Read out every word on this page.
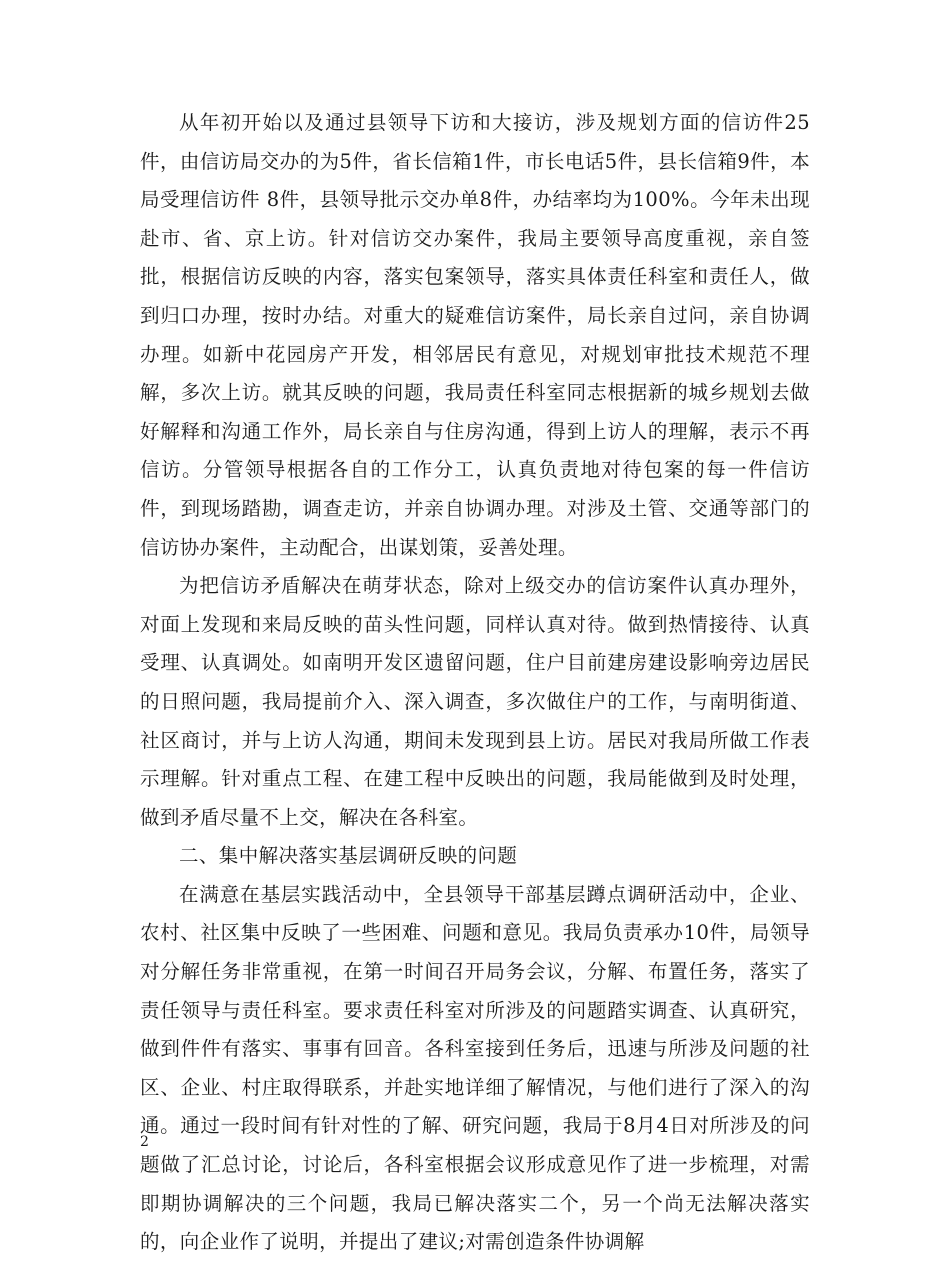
从年初开始以及通过县领导下访和大接访，涉及规划方面的信访件25件，由信访局交办的为5件，省长信箱1件，市长电话5件，县长信箱9件，本局受理信访件 8件，县领导批示交办单8件，办结率均为100%。今年未出现赴市、省、京上访。针对信访交办案件，我局主要领导高度重视，亲自签批，根据信访反映的内容，落实包案领导，落实具体责任科室和责任人，做到归口办理，按时办结。对重大的疑难信访案件，局长亲自过问，亲自协调办理。如新中花园房产开发，相邻居民有意见，对规划审批技术规范不理解，多次上访。就其反映的问题，我局责任科室同志根据新的城乡规划去做好解释和沟通工作外，局长亲自与住房沟通，得到上访人的理解，表示不再信访。分管领导根据各自的工作分工，认真负责地对待包案的每一件信访件，到现场踏勘，调查走访，并亲自协调办理。对涉及土管、交通等部门的信访协办案件，主动配合，出谋划策，妥善处理。

为把信访矛盾解决在萌芽状态，除对上级交办的信访案件认真办理外，对面上发现和来局反映的苗头性问题，同样认真对待。做到热情接待、认真受理、认真调处。如南明开发区遗留问题，住户目前建房建设影响旁边居民的日照问题，我局提前介入、深入调查，多次做住户的工作，与南明街道、社区商讨，并与上访人沟通，期间未发现到县上访。居民对我局所做工作表示理解。针对重点工程、在建工程中反映出的问题，我局能做到及时处理，做到矛盾尽量不上交，解决在各科室。

二、集中解决落实基层调研反映的问题

在满意在基层实践活动中，全县领导干部基层蹲点调研活动中，企业、农村、社区集中反映了一些困难、问题和意见。我局负责承办10件，局领导对分解任务非常重视，在第一时间召开局务会议，分解、布置任务，落实了责任领导与责任科室。要求责任科室对所涉及的问题踏实调查、认真研究，做到件件有落实、事事有回音。各科室接到任务后，迅速与所涉及问题的社区、企业、村庄取得联系，并赴实地详细了解情况，与他们进行了深入的沟通。通过一段时间有针对性的了解、研究问题，我局于8月4日对所涉及的问题做了汇总讨论，讨论后，各科室根据会议形成意见作了进一步梳理，对需即期协调解决的三个问题，我局已解决落实二个，另一个尚无法解决落实的，向企业作了说明，并提出了建议;对需创造条件协调解

2
